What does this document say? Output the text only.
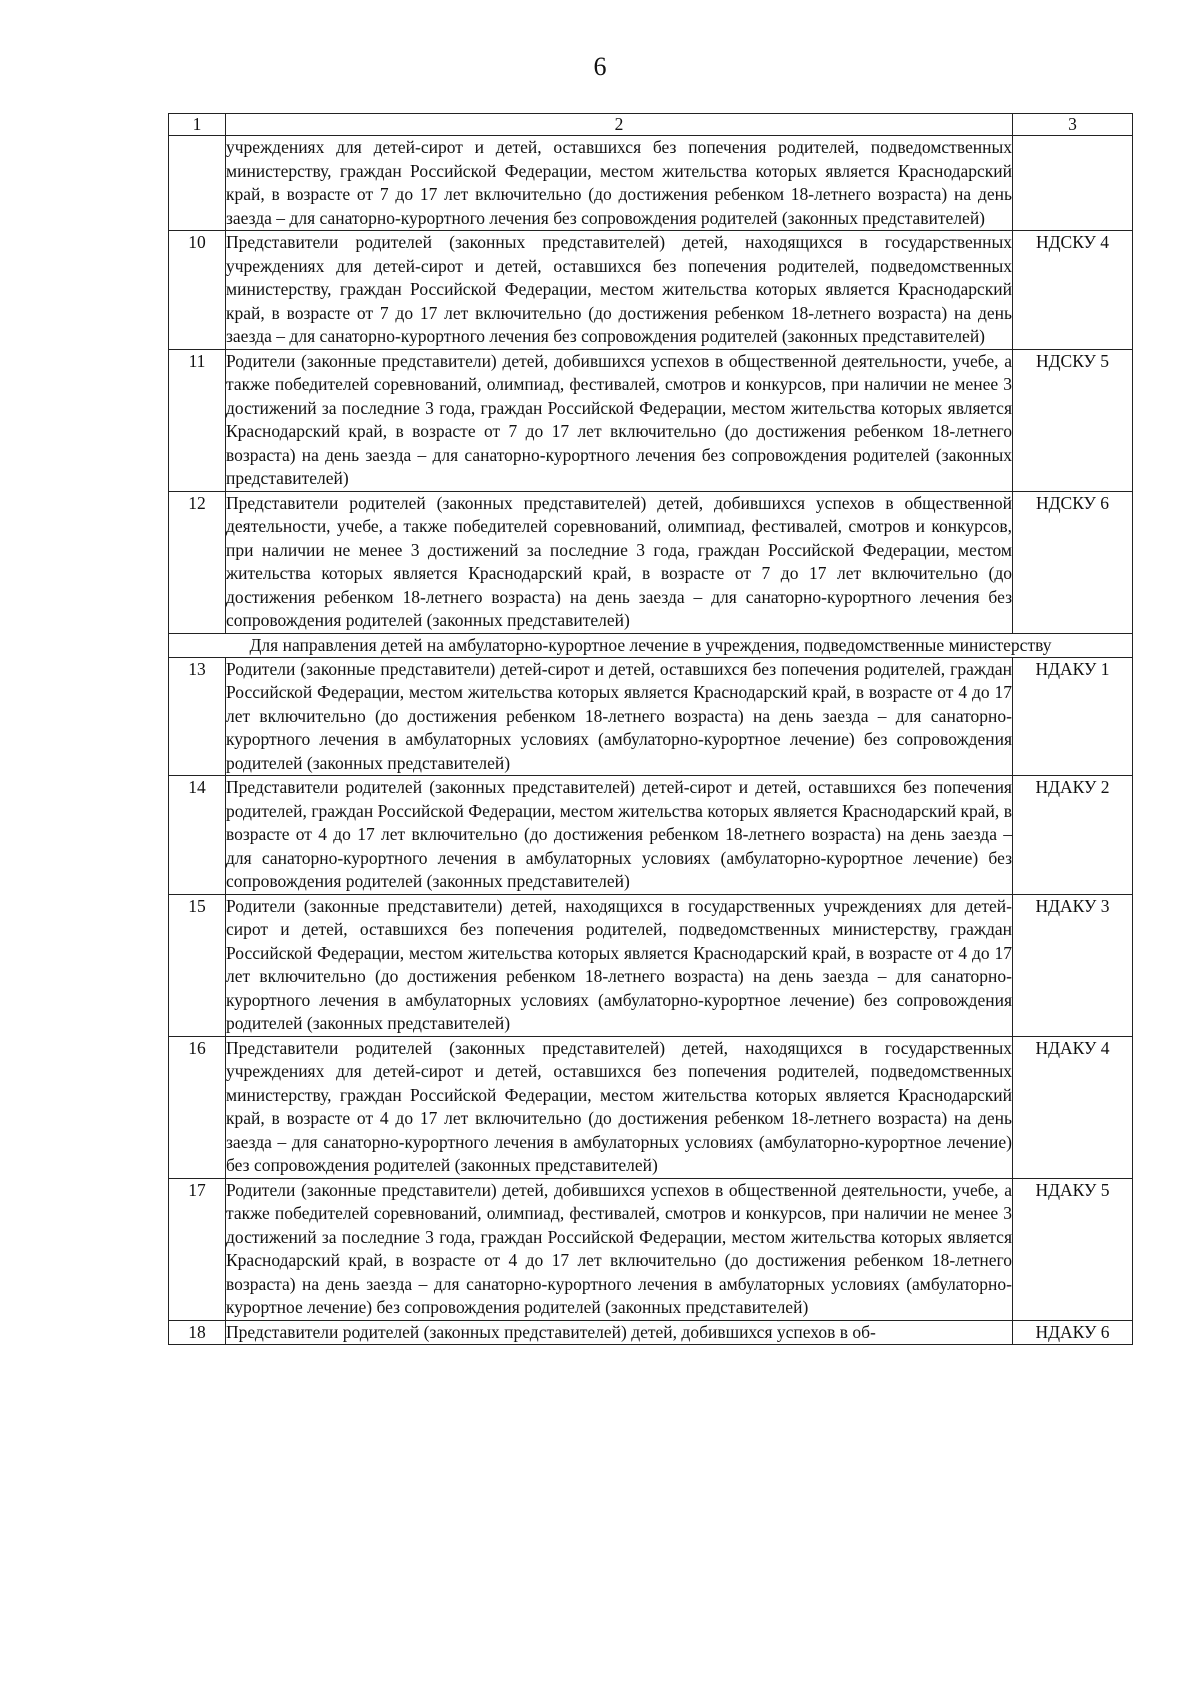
6
1	2	3
	учреждениях для детей-сирот и детей, оставшихся без попечения родителей, подведомственных министерству, граждан Российской Федерации, местом жительства которых является Краснодарский край, в возрасте от 7 до 17 лет включительно (до достижения ребенком 18-летнего возраста) на день заезда – для санаторно-курортного лечения без сопровождения родителей (законных представителей)	
10	Представители родителей (законных представителей) детей, находящихся в государственных учреждениях для детей-сирот и детей, оставшихся без попечения родителей, подведомственных министерству, граждан Российской Федерации, местом жительства которых является Краснодарский край, в возрасте от 7 до 17 лет включительно (до достижения ребенком 18-летнего возраста) на день заезда – для санаторно-курортного лечения без сопровождения родителей (законных представителей)	НДСКУ 4
11	Родители (законные представители) детей, добившихся успехов в общественной деятельности, учебе, а также победителей соревнований, олимпиад, фестивалей, смотров и конкурсов, при наличии не менее 3 достижений за последние 3 года, граждан Российской Федерации, местом жительства которых является Краснодарский край, в возрасте от 7 до 17 лет включительно (до достижения ребенком 18-летнего возраста) на день заезда – для санаторно-курортного лечения без сопровождения родителей (законных представителей)	НДСКУ 5
12	Представители родителей (законных представителей) детей, добившихся успехов в общественной деятельности, учебе, а также победителей соревнований, олимпиад, фестивалей, смотров и конкурсов, при наличии не менее 3 достижений за последние 3 года, граждан Российской Федерации, местом жительства которых является Краснодарский край, в возрасте от 7 до 17 лет включительно (до достижения ребенком 18-летнего возраста) на день заезда – для санаторно-курортного лечения без сопровождения родителей (законных представителей)	НДСКУ 6
Для направления детей на амбулаторно-курортное лечение в учреждения, подведомственные министерству		
13	Родители (законные представители) детей-сирот и детей, оставшихся без попечения родителей, граждан Российской Федерации, местом жительства которых является Краснодарский край, в возрасте от 4 до 17 лет включительно (до достижения ребенком 18-летнего возраста) на день заезда – для санаторно-курортного лечения в амбулаторных условиях (амбулаторно-курортное лечение) без сопровождения родителей (законных представителей)	НДАКУ 1
14	Представители родителей (законных представителей) детей-сирот и детей, оставшихся без попечения родителей, граждан Российской Федерации, местом жительства которых является Краснодарский край, в возрасте от 4 до 17 лет включительно (до достижения ребенком 18-летнего возраста) на день заезда – для санаторно-курортного лечения в амбулаторных условиях (амбулаторно-курортное лечение) без сопровождения родителей (законных представителей)	НДАКУ 2
15	Родители (законные представители) детей, находящихся в государственных учреждениях для детей-сирот и детей, оставшихся без попечения родителей, подведомственных министерству, граждан Российской Федерации, местом жительства которых является Краснодарский край, в возрасте от 4 до 17 лет включительно (до достижения ребенком 18-летнего возраста) на день заезда – для санаторно-курортного лечения в амбулаторных условиях (амбулаторно-курортное лечение) без сопровождения родителей (законных представителей)	НДАКУ 3
16	Представители родителей (законных представителей) детей, находящихся в государственных учреждениях для детей-сирот и детей, оставшихся без попечения родителей, подведомственных министерству, граждан Российской Федерации, местом жительства которых является Краснодарский край, в возрасте от 4 до 17 лет включительно (до достижения ребенком 18-летнего возраста) на день заезда – для санаторно-курортного лечения в амбулаторных условиях (амбулаторно-курортное лечение) без сопровождения родителей (законных представителей)	НДАКУ 4
17	Родители (законные представители) детей, добившихся успехов в общественной деятельности, учебе, а также победителей соревнований, олимпиад, фестивалей, смотров и конкурсов, при наличии не менее 3 достижений за последние 3 года, граждан Российской Федерации, местом жительства которых является Краснодарский край, в возрасте от 4 до 17 лет включительно (до достижения ребенком 18-летнего возраста) на день заезда – для санаторно-курортного лечения в амбулаторных условиях (амбулаторно-курортное лечение) без сопровождения родителей (законных представителей)	НДАКУ 5
18	Представители родителей (законных представителей) детей, добившихся успехов в об-	НДАКУ 6
